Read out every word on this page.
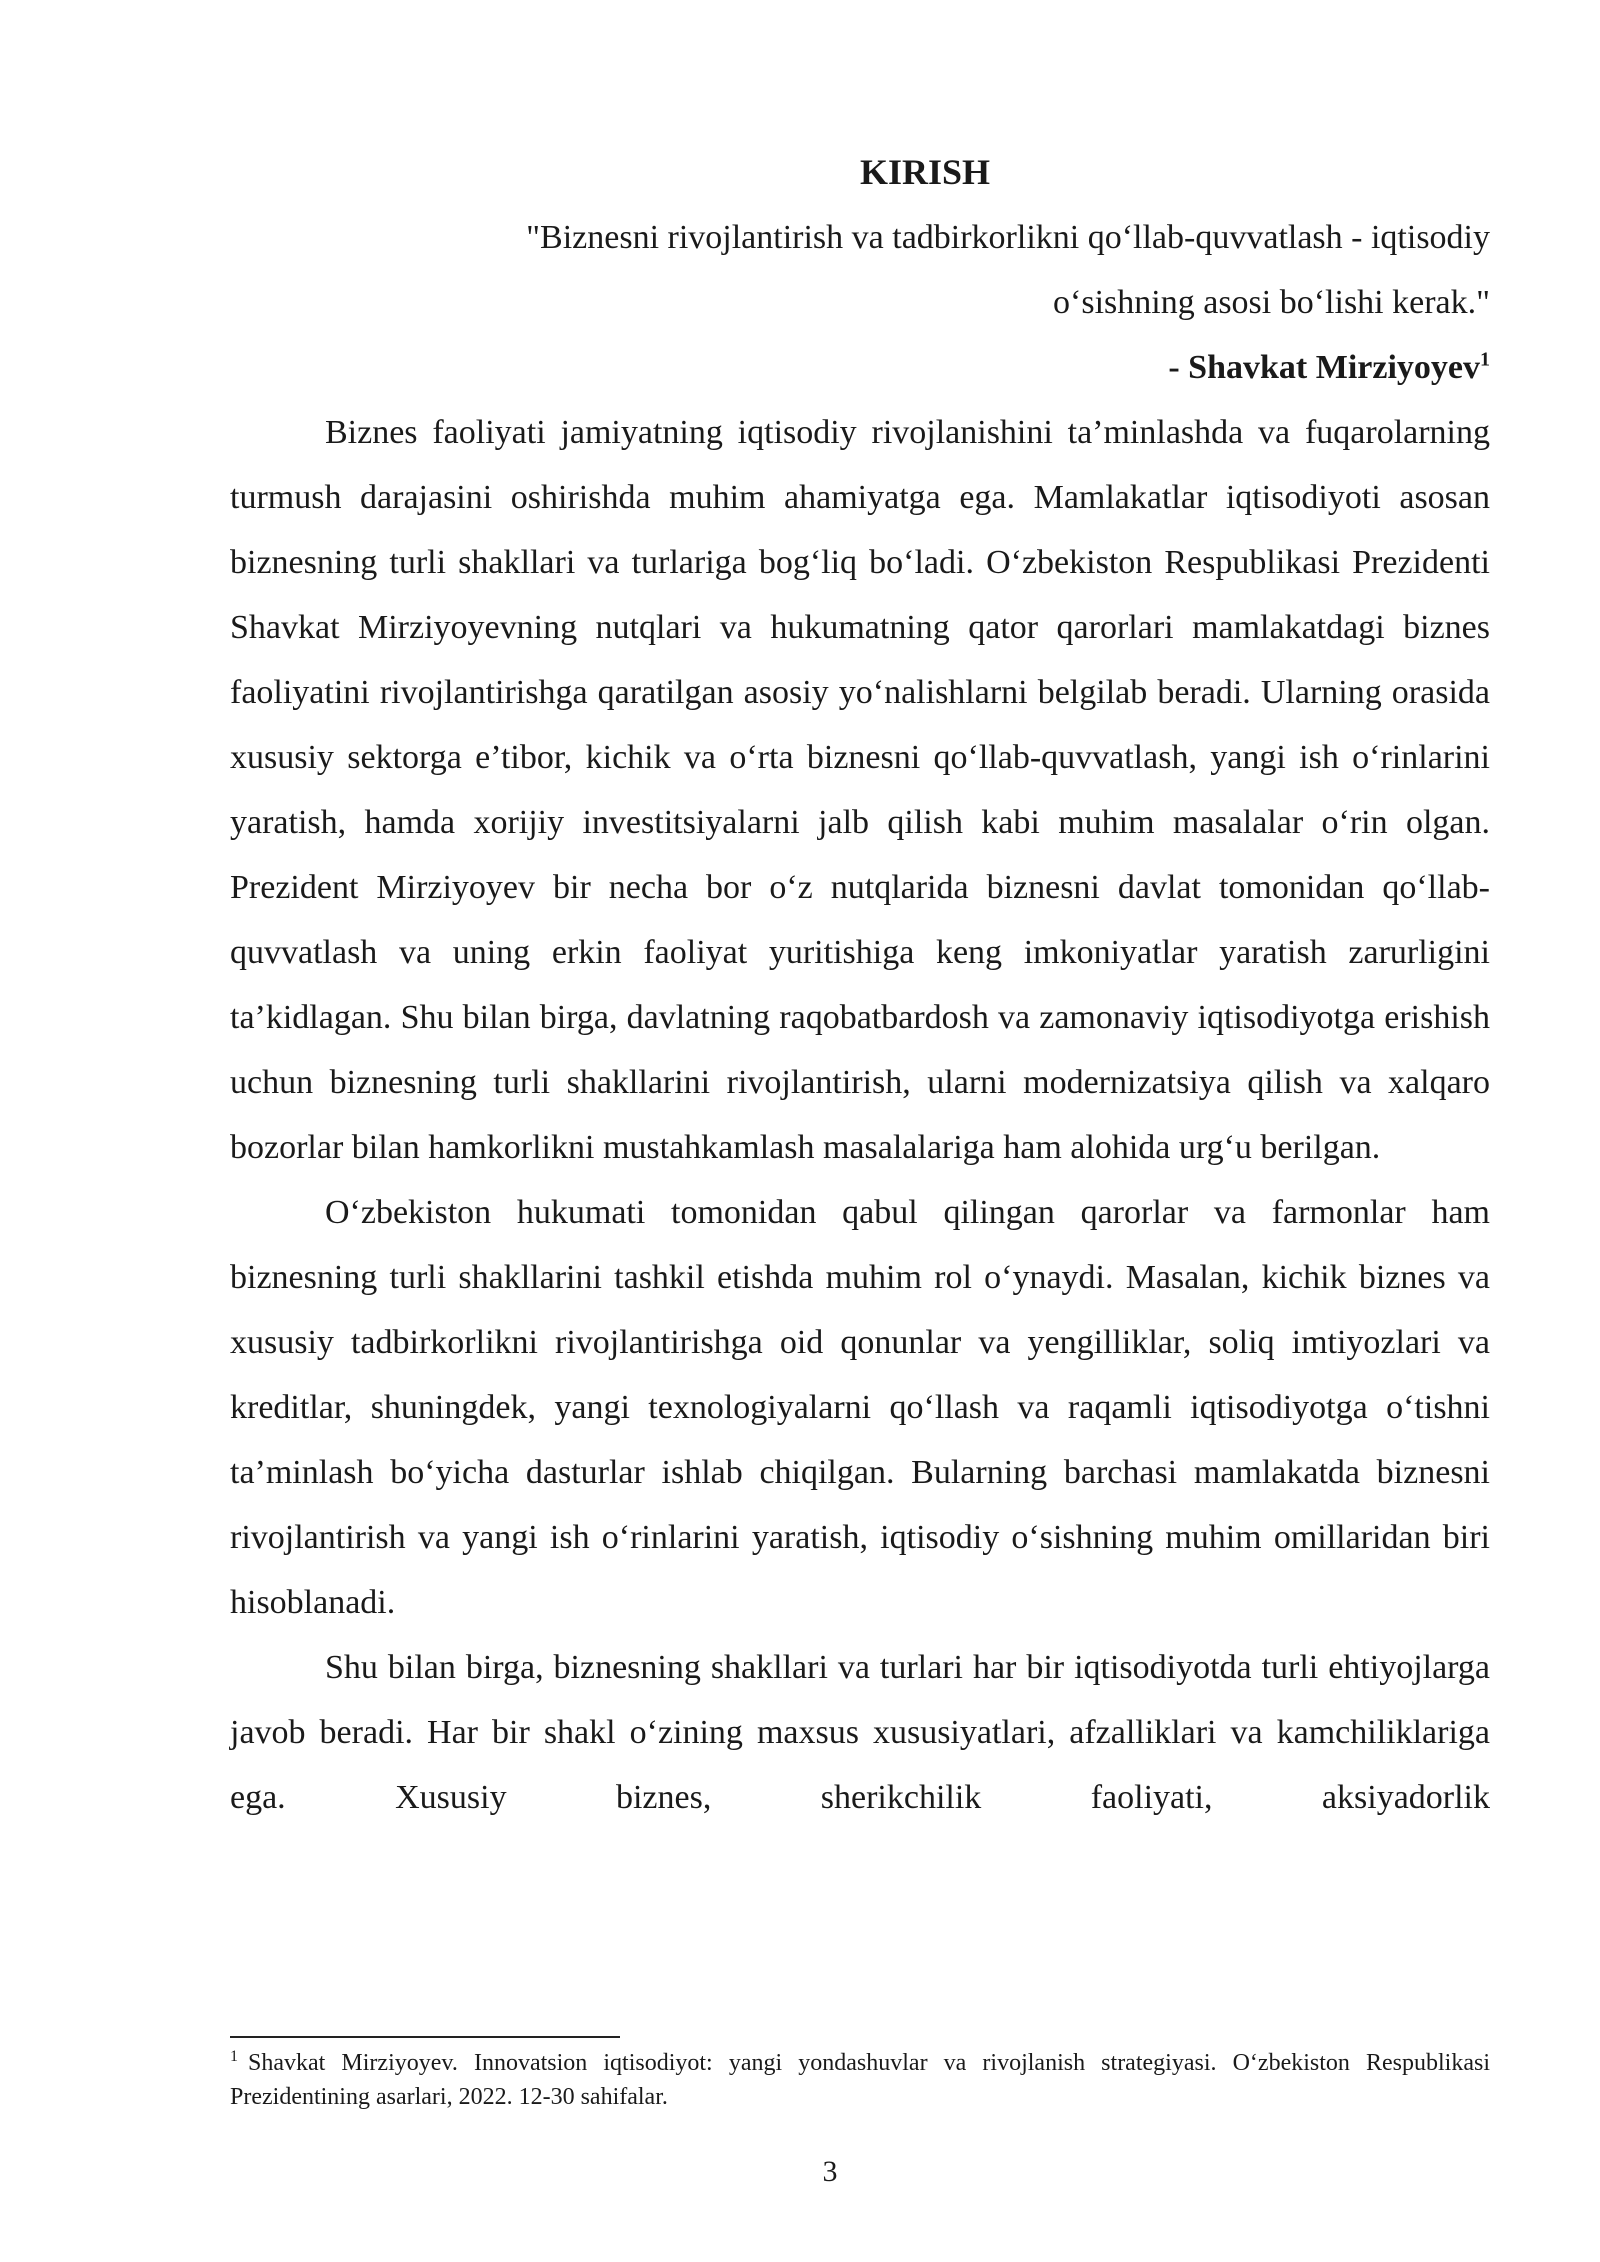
KIRISH

"Biznesni rivojlantirish va tadbirkorlikni qo‘llab-quvvatlash - iqtisodiy
o‘sishning asosi bo‘lishi kerak."

- Shavkat Mirziyoyev$^1$

Biznes faoliyati jamiyatning iqtisodiy rivojlanishini ta’minlashda va fuqarolarning turmush darajasini oshirishda muhim ahamiyatga ega. Mamlakatlar iqtisodiyoti asosan biznesning turli shakllari va turlariga bog‘liq bo‘ladi. O‘zbekiston Respublikasi Prezidenti Shavkat Mirziyoyevning nutqlari va hukumatning qator qarorlari mamlakatdagi biznes faoliyatini rivojlantirishga qaratilgan asosiy yo‘nalishlarni belgilab beradi. Ularning orasida xususiy sektorga e’tibor, kichik va o‘rta biznesni qo‘llab-quvvatlash, yangi ish o‘rinlarini yaratish, hamda xorijiy investitsiyalarni jalb qilish kabi muhim masalalar o‘rin olgan. Prezident Mirziyoyev bir necha bor o‘z nutqlarida biznesni davlat tomonidan qo‘llab-quvvatlash va uning erkin faoliyat yuritishiga keng imkoniyatlar yaratish zarurligini ta’kidlagan. Shu bilan birga, davlatning raqobatbardosh va zamonaviy iqtisodiyotga erishish uchun biznesning turli shakllarini rivojlantirish, ularni modernizatsiya qilish va xalqaro bozorlar bilan hamkorlikni mustahkamlash masalalariga ham alohida urg‘u berilgan.

O‘zbekiston hukumati tomonidan qabul qilingan qarorlar va farmonlar ham biznesning turli shakllarini tashkil etishda muhim rol o‘ynaydi. Masalan, kichik biznes va xususiy tadbirkorlikni rivojlantirishga oid qonunlar va yengilliklar, soliq imtiyozlari va kreditlar, shuningdek, yangi texnologiyalarni qo‘llash va raqamli iqtisodiyotga o‘tishni ta’minlash bo‘yicha dasturlar ishlab chiqilgan. Bularning barchasi mamlakatda biznesni rivojlantirish va yangi ish o‘rinlarini yaratish, iqtisodiy o‘sishning muhim omillaridan biri hisoblanadi.

Shu bilan birga, biznesning shakllari va turlari har bir iqtisodiyotda turli ehtiyojlarga javob beradi. Har bir shakl o‘zining maxsus xususiyatlari, afzalliklari va kamchiliklariga ega. Xususiy biznes, sherikchilik faoliyati, aksiyadorlik

$^1$ Shavkat Mirziyoyev. Innovatsion iqtisodiyot: yangi yondashuvlar va rivojlanish strategiyasi. O‘zbekiston Respublikasi Prezidentining asarlari, 2022. 12-30 sahifalar.

3
